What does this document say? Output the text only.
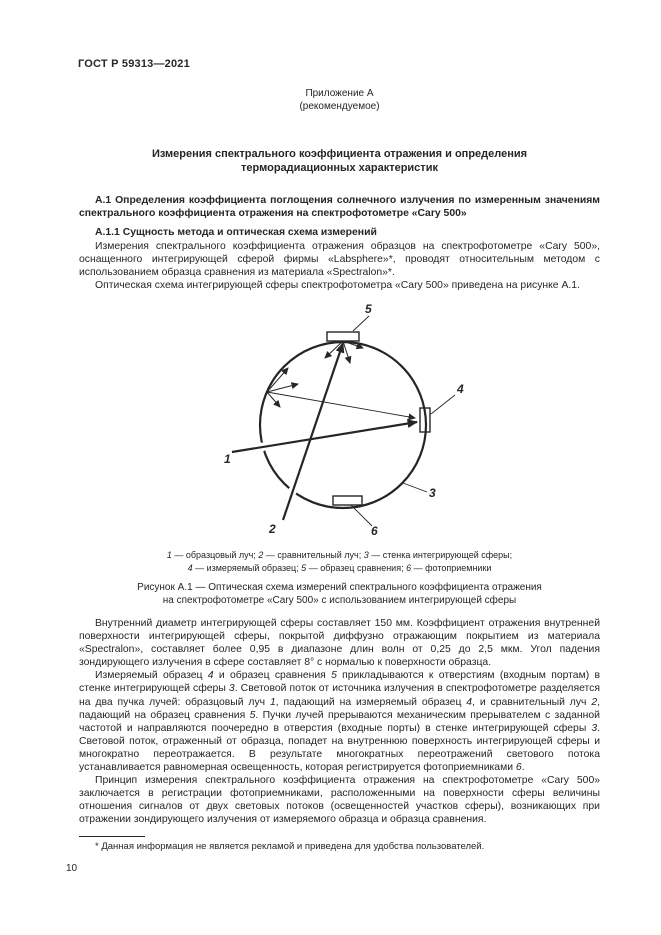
ГОСТ Р 59313—2021
Приложение А
(рекомендуемое)
Измерения спектрального коэффициента отражения и определения
терморадиационных характеристик
А.1 Определения коэффициента поглощения солнечного излучения по измеренным значениям спектрального коэффициента отражения на спектрофотометре «Cary 500»
А.1.1 Сущность метода и оптическая схема измерений

Измерения спектрального коэффициента отражения образцов на спектрофотометре «Cary 500», оснащенного интегрирующей сферой фирмы «Labsphere»*, проводят относительным методом с использованием образца сравнения из материала «Spectralon»*.

Оптическая схема интегрирующей сферы спектрофотометра «Cary 500» приведена на рисунке А.1.

1
2
3
4
5
6
1 — образцовый луч; 2 — сравнительный луч; 3 — стенка интегрирующей сферы;
4 — измеряемый образец; 5 — образец сравнения; 6 — фотоприемники
Рисунок А.1 — Оптическая схема измерений спектрального коэффициента отражения
на спектрофотометре «Cary 500» с использованием интегрирующей сферы

Внутренний диаметр интегрирующей сферы составляет 150 мм. Коэффициент отражения внутренней поверхности интегрирующей сферы, покрытой диффузно отражающим покрытием из материала «Spectralon», составляет более 0,95 в диапазоне длин волн от 0,25 до 2,5 мкм. Угол падения зондирующего излучения в сфере составляет 8° с нормалью к поверхности образца.

Измеряемый образец 4 и образец сравнения 5 прикладываются к отверстиям (входным портам) в стенке интегрирующей сферы 3. Световой поток от источника излучения в спектрофотометре разделяется на два пучка лучей: образцовый луч 1, падающий на измеряемый образец 4, и сравнительный луч 2, падающий на образец сравнения 5. Пучки лучей прерываются механическим прерывателем с заданной частотой и направляются поочередно в отверстия (входные порты) в стенке интегрирующей сферы 3. Световой поток, отраженный от образца, попадет на внутреннюю поверхность интегрирующей сферы и многократно переотражается. В результате многократных переотражений светового потока устанавливается равномерная освещенность, которая регистрируется фотоприемниками 6.

Принцип измерения спектрального коэффициента отражения на спектрофотометре «Cary 500» заключается в регистрации фотоприемниками, расположенными на поверхности сферы величины отношения сигналов от двух световых потоков (освещенностей участков сферы), возникающих при отражении зондирующего излучения от измеряемого образца и образца сравнения.

* Данная информация не является рекламой и приведена для удобства пользователей.

10
